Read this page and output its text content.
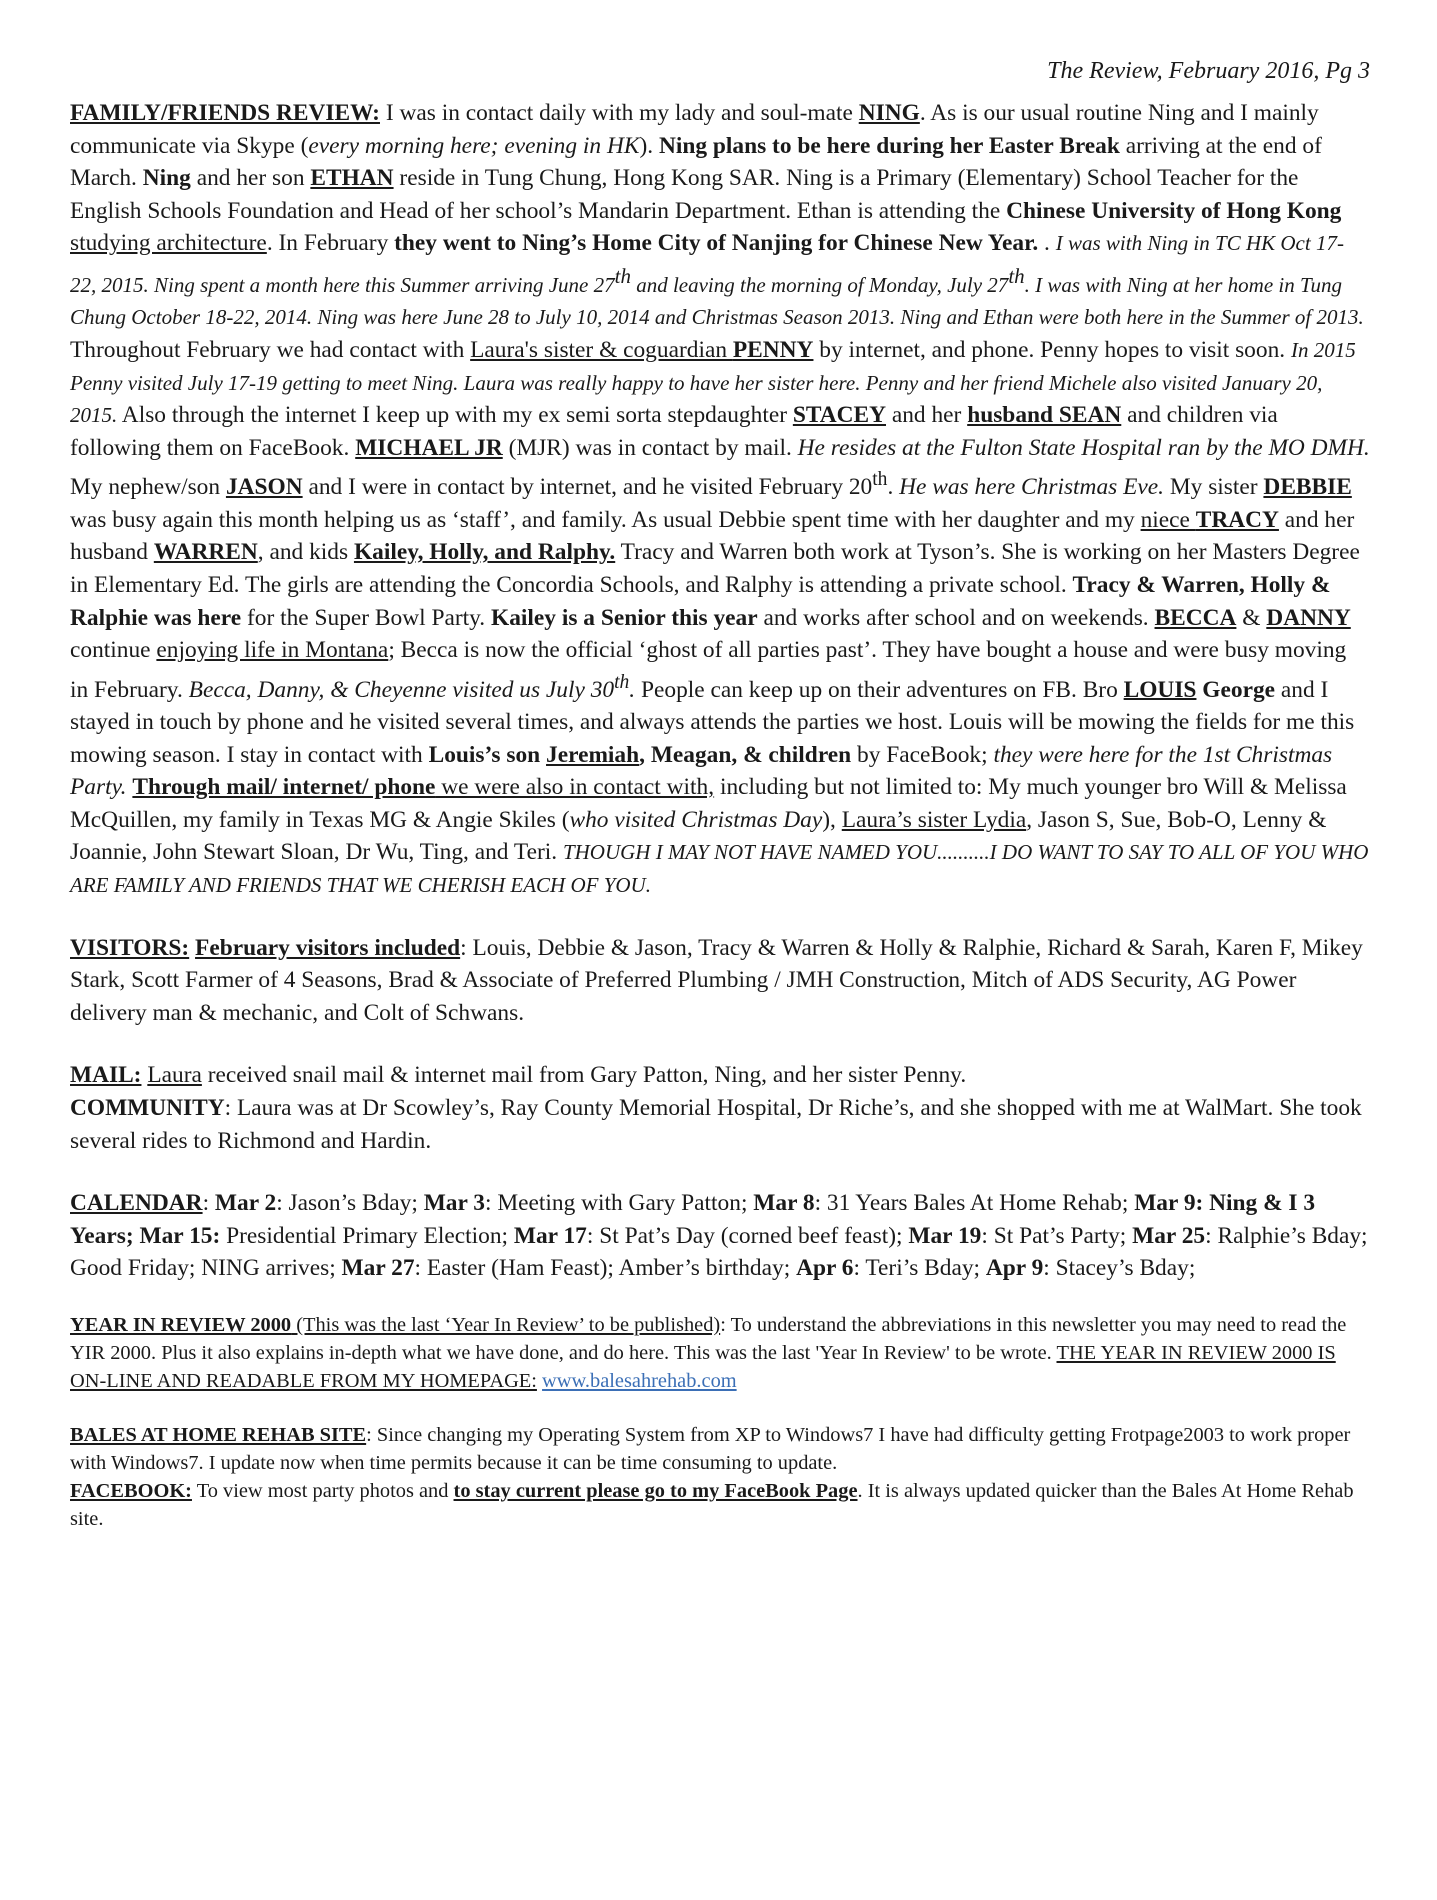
The Review, February 2016, Pg 3
FAMILY/FRIENDS REVIEW: I was in contact daily with my lady and soul-mate NING. As is our usual routine Ning and I mainly communicate via Skype (every morning here; evening in HK). Ning plans to be here during her Easter Break arriving at the end of March. Ning and her son ETHAN reside in Tung Chung, Hong Kong SAR. Ning is a Primary (Elementary) School Teacher for the English Schools Foundation and Head of her school’s Mandarin Department. Ethan is attending the Chinese University of Hong Kong studying architecture. In February they went to Ning’s Home City of Nanjing for Chinese New Year. . I was with Ning in TC HK Oct 17-22, 2015. Ning spent a month here this Summer arriving June 27th and leaving the morning of Monday, July 27th. I was with Ning at her home in Tung Chung October 18-22, 2014. Ning was here June 28 to July 10, 2014 and Christmas Season 2013. Ning and Ethan were both here in the Summer of 2013. Throughout February we had contact with Laura's sister & coguardian PENNY by internet, and phone. Penny hopes to visit soon. In 2015 Penny visited July 17-19 getting to meet Ning. Laura was really happy to have her sister here. Penny and her friend Michele also visited January 20, 2015. Also through the internet I keep up with my ex semi sorta stepdaughter STACEY and her husband SEAN and children via following them on FaceBook. MICHAEL JR (MJR) was in contact by mail. He resides at the Fulton State Hospital ran by the MO DMH. My nephew/son JASON and I were in contact by internet, and he visited February 20th. He was here Christmas Eve. My sister DEBBIE was busy again this month helping us as ‘staff’, and family. As usual Debbie spent time with her daughter and my niece TRACY and her husband WARREN, and kids Kailey, Holly, and Ralphy. Tracy and Warren both work at Tyson’s. She is working on her Masters Degree in Elementary Ed. The girls are attending the Concordia Schools, and Ralphy is attending a private school. Tracy & Warren, Holly & Ralphie was here for the Super Bowl Party. Kailey is a Senior this year and works after school and on weekends. BECCA & DANNY continue enjoying life in Montana; Becca is now the official ‘ghost of all parties past’. They have bought a house and were busy moving in February. Becca, Danny, & Cheyenne visited us July 30th. People can keep up on their adventures on FB. Bro LOUIS George and I stayed in touch by phone and he visited several times, and always attends the parties we host. Louis will be mowing the fields for me this mowing season. I stay in contact with Louis’s son Jeremiah, Meagan, & children by FaceBook; they were here for the 1st Christmas Party. Through mail/ internet/ phone we were also in contact with, including but not limited to: My much younger bro Will & Melissa McQuillen, my family in Texas MG & Angie Skiles (who visited Christmas Day), Laura’s sister Lydia, Jason S, Sue, Bob-O, Lenny & Joannie, John Stewart Sloan, Dr Wu, Ting, and Teri. THOUGH I MAY NOT HAVE NAMED YOU..........I DO WANT TO SAY TO ALL OF YOU WHO ARE FAMILY AND FRIENDS THAT WE CHERISH EACH OF YOU.
VISITORS: February visitors included: Louis, Debbie & Jason, Tracy & Warren & Holly & Ralphie, Richard & Sarah, Karen F, Mikey Stark, Scott Farmer of 4 Seasons, Brad & Associate of Preferred Plumbing / JMH Construction, Mitch of ADS Security, AG Power delivery man & mechanic, and Colt of Schwans.
MAIL: Laura received snail mail & internet mail from Gary Patton, Ning, and her sister Penny.
COMMUNITY: Laura was at Dr Scowley’s, Ray County Memorial Hospital, Dr Riche’s, and she shopped with me at WalMart. She took several rides to Richmond and Hardin.
CALENDAR: Mar 2: Jason’s Bday; Mar 3: Meeting with Gary Patton; Mar 8: 31 Years Bales At Home Rehab; Mar 9: Ning & I 3 Years; Mar 15: Presidential Primary Election; Mar 17: St Pat’s Day (corned beef feast); Mar 19: St Pat’s Party; Mar 25: Ralphie’s Bday; Good Friday; NING arrives; Mar 27: Easter (Ham Feast); Amber’s birthday; Apr 6: Teri’s Bday; Apr 9: Stacey’s Bday;
YEAR IN REVIEW 2000 (This was the last ‘Year In Review’ to be published): To understand the abbreviations in this newsletter you may need to read the YIR 2000. Plus it also explains in-depth what we have done, and do here. This was the last 'Year In Review' to be wrote. THE YEAR IN REVIEW 2000 IS ON-LINE AND READABLE FROM MY HOMEPAGE: www.balesahrehab.com
BALES AT HOME REHAB SITE: Since changing my Operating System from XP to Windows7 I have had difficulty getting Frotpage2003 to work proper with Windows7. I update now when time permits because it can be time consuming to update.
FACEBOOK: To view most party photos and to stay current please go to my FaceBook Page. It is always updated quicker than the Bales At Home Rehab site.
